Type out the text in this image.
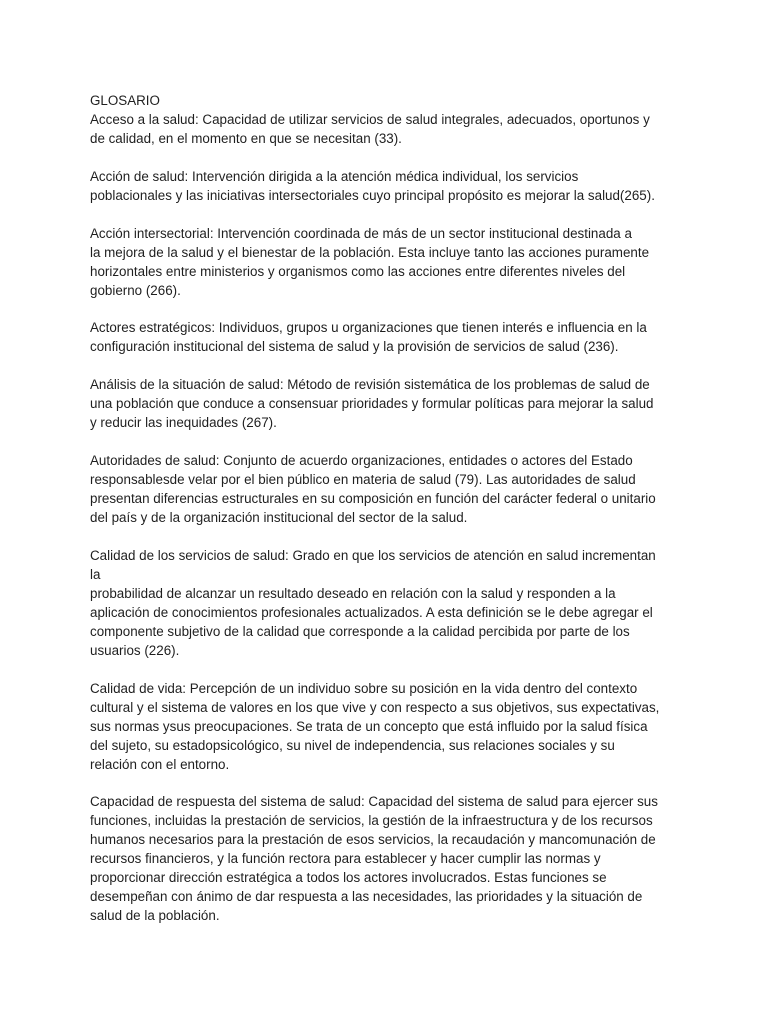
GLOSARIO

Acceso a la salud: Capacidad de utilizar servicios de salud integrales, adecuados, oportunos y
de calidad, en el momento en que se necesitan (33).

Acción de salud: Intervención dirigida a la atención médica individual, los servicios
poblacionales y las iniciativas intersectoriales cuyo principal propósito es mejorar la salud(265).

Acción intersectorial: Intervención coordinada de más de un sector institucional destinada a
la mejora de la salud y el bienestar de la población. Esta incluye tanto las acciones puramente
horizontales entre ministerios y organismos como las acciones entre diferentes niveles del
gobierno (266).

Actores estratégicos: Individuos, grupos u organizaciones que tienen interés e influencia en la
configuración institucional del sistema de salud y la provisión de servicios de salud (236).

Análisis de la situación de salud: Método de revisión sistemática de los problemas de salud de
una población que conduce a consensuar prioridades y formular políticas para mejorar la salud
y reducir las inequidades (267).

Autoridades de salud: Conjunto de acuerdo organizaciones, entidades o actores del Estado
responsablesde velar por el bien público en materia de salud (79). Las autoridades de salud
presentan diferencias estructurales en su composición en función del carácter federal o unitario
del país y de la organización institucional del sector de la salud.

Calidad de los servicios de salud: Grado en que los servicios de atención en salud incrementan
la
probabilidad de alcanzar un resultado deseado en relación con la salud y responden a la
aplicación de conocimientos profesionales actualizados. A esta definición se le debe agregar el
componente subjetivo de la calidad que corresponde a la calidad percibida por parte de los
usuarios (226).

Calidad de vida: Percepción de un individuo sobre su posición en la vida dentro del contexto
cultural y el sistema de valores en los que vive y con respecto a sus objetivos, sus expectativas,
sus normas ysus preocupaciones. Se trata de un concepto que está influido por la salud física
del sujeto, su estadopsicológico, su nivel de independencia, sus relaciones sociales y su
relación con el entorno.

Capacidad de respuesta del sistema de salud: Capacidad del sistema de salud para ejercer sus
funciones, incluidas la prestación de servicios, la gestión de la infraestructura y de los recursos
humanos necesarios para la prestación de esos servicios, la recaudación y mancomunación de
recursos financieros, y la función rectora para establecer y hacer cumplir las normas y
proporcionar dirección estratégica a todos los actores involucrados. Estas funciones se
desempeñan con ánimo de dar respuesta a las necesidades, las prioridades y la situación de
salud de la población.
